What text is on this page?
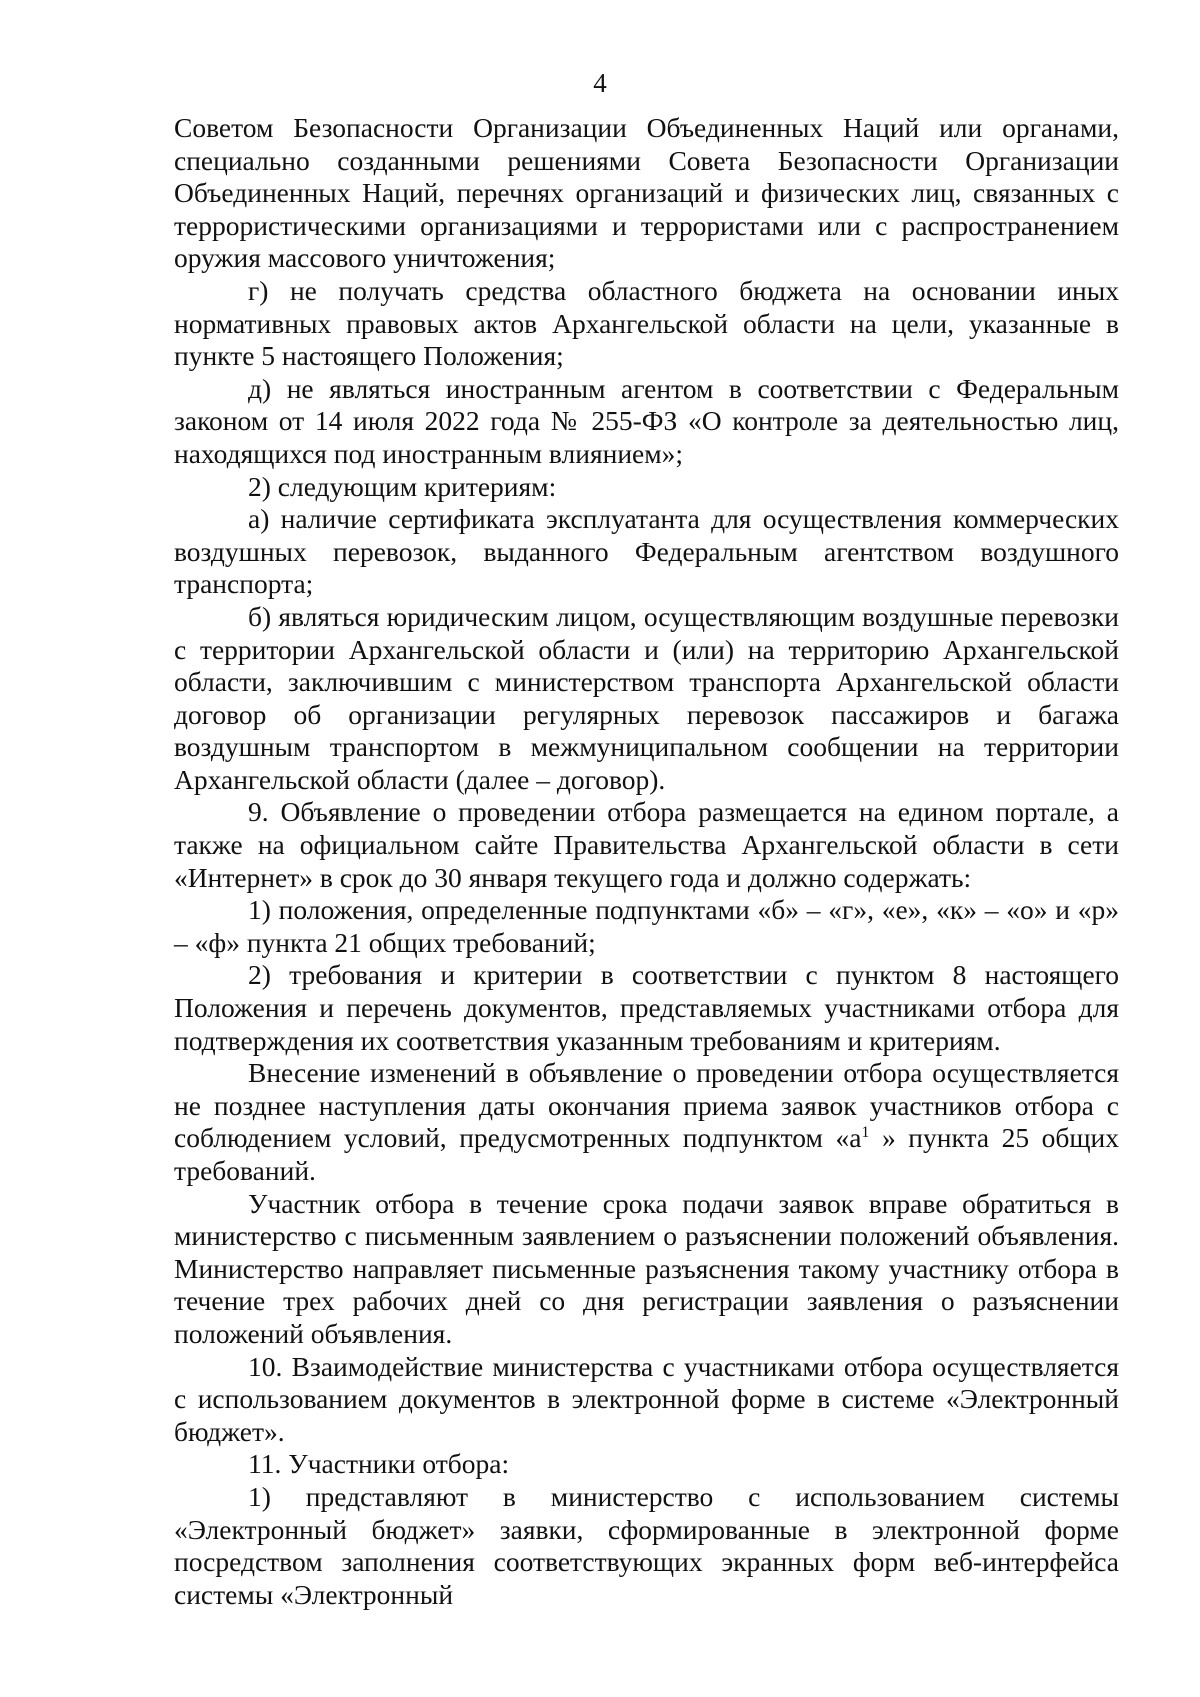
4

Советом Безопасности Организации Объединенных Наций или органами, специально созданными решениями Совета Безопасности Организации Объединенных Наций, перечнях организаций и физических лиц, связанных с террористическими организациями и террористами или с распространением оружия массового уничтожения;

г) не получать средства областного бюджета на основании иных нормативных правовых актов Архангельской области на цели, указанные в пункте 5 настоящего Положения;

д) не являться иностранным агентом в соответствии с Федеральным законом от 14 июля 2022 года № 255-ФЗ «О контроле за деятельностью лиц, находящихся под иностранным влиянием»;

2) следующим критериям:

а) наличие сертификата эксплуатанта для осуществления коммерческих воздушных перевозок, выданного Федеральным агентством воздушного транспорта;

б) являться юридическим лицом, осуществляющим воздушные перевозки с территории Архангельской области и (или) на территорию Архангельской области, заключившим с министерством транспорта Архангельской области договор об организации регулярных перевозок пассажиров и багажа воздушным транспортом в межмуниципальном сообщении на территории Архангельской области (далее – договор).

9. Объявление о проведении отбора размещается на едином портале, а также на официальном сайте Правительства Архангельской области в сети «Интернет» в срок до 30 января текущего года и должно содержать:

1) положения, определенные подпунктами «б» – «г», «е», «к» – «о» и «р» – «ф» пункта 21 общих требований;

2) требования и критерии в соответствии с пунктом 8 настоящего Положения и перечень документов, представляемых участниками отбора для подтверждения их соответствия указанным требованиям и критериям.

Внесение изменений в объявление о проведении отбора осуществляется не позднее наступления даты окончания приема заявок участников отбора с соблюдением условий, предусмотренных подпунктом «$а^1$ » пункта 25 общих требований.

Участник отбора в течение срока подачи заявок вправе обратиться в министерство с письменным заявлением о разъяснении положений объявления. Министерство направляет письменные разъяснения такому участнику отбора в течение трех рабочих дней со дня регистрации заявления о разъяснении положений объявления.

10. Взаимодействие министерства с участниками отбора осуществляется с использованием документов в электронной форме в системе «Электронный бюджет».

11. Участники отбора:

1) представляют в министерство с использованием системы «Электронный бюджет» заявки, сформированные в электронной форме посредством заполнения соответствующих экранных форм веб-интерфейса системы «Электронный
